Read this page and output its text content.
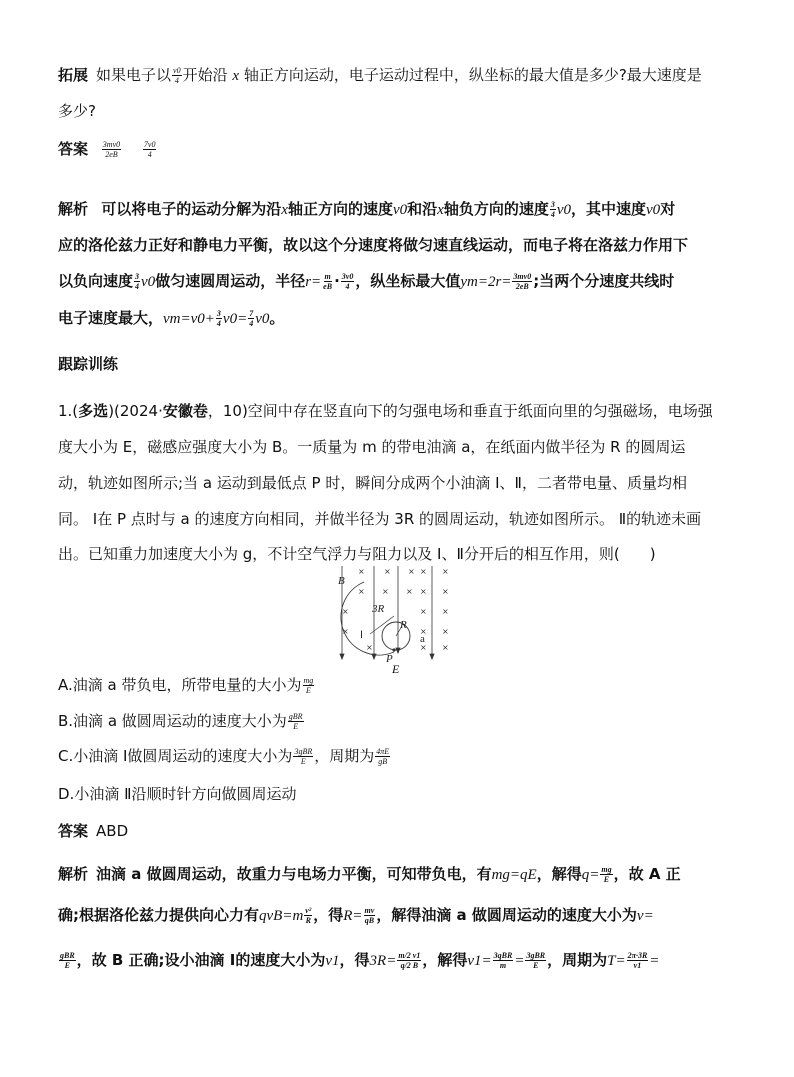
拓展 如果电子以 $\frac{v0}{4}$ 开始沿 x 轴正方向运动，电子运动过程中，纵坐标的最大值是多少?最大速度是
多少?
答案 $\frac{3mv0}{2eB}$
	$\frac{7v0}{4}$
解析 可以将电子的运动分解为沿x轴正方向的速度v0和沿x轴负方向的速度 $\frac{3}{4} v0$，其中速度v0对
应的洛伦兹力正好和静电力平衡，故以这个分速度将做匀速直线运动，而电子将在洛兹力作用下
以负向速度 $\frac{3}{4} v0$做匀速圆周运动，半径$r= \frac{m}{eB} \cdot \frac{3v0}{4}$ ，纵坐标最大值$ym=2r= \frac{3mv0}{2eB}$ ;当两个分速度共线时
电子速度最大，$vm=v0+ \frac{3}{4} v0= \frac{7}{4} v0$。
跟踪训练
1.(多选)(2024·安徽卷，10)空间中存在竖直向下的匀强电场和垂直于纸面向里的匀强磁场，电场强
度大小为 E，磁感应强度大小为 B。一质量为 m 的带电油滴 a，在纸面内做半径为 R 的圆周运
动，轨迹如图所示;当 a 运动到最低点 P 时，瞬间分成两个小油滴 Ⅰ、Ⅱ，二者带电量、质量均相
同。 Ⅰ在 P 点时与 a 的速度方向相同，并做半径为 3R 的圆周运动，轨迹如图所示。 Ⅱ的轨迹未画
出。已知重力加速度大小为 g，不计空气浮力与阻力以及 Ⅰ、Ⅱ分开后的相互作用，则(　　)
× × × × ×
× × × × ×
×	× ×
×	× ×
×	× ×
B
3R
R
P
a
Ⅰ
E
A.油滴 a 带负电，所带电量的大小为 $\frac{mg}{E}$
B.油滴 a 做圆周运动的速度大小为 gBR
E
C.小油滴 Ⅰ做圆周运动的速度大小为 3gBR
E ，周期为 $\frac{4\pi E}{gB}$
D.小油滴 Ⅱ沿顺时针方向做圆周运动
答案 ABD
解析 油滴 a 做圆周运动，故重力与电场力平衡，可知带负电，有mg=qE，解得$q= \frac{mg}{E}$ ，故 A 正
确;根据洛伦兹力提供向心力有$qvB=m \frac{\text{v²}}{R}$ ，得$R= \frac{mv}{qB}$ ，解得油滴 a 做圆周运动的速度大小为v=
gBR
E ，故 B 正确;设小油滴 Ⅰ的速度大小为v1，得$3R= \frac{m/2 v1}{q/2 B}$ ，解得v1= 3qBR
m = 3gBR
E ，周期为$T= \frac{2\pi\cdot 3R}{v1}$ =
